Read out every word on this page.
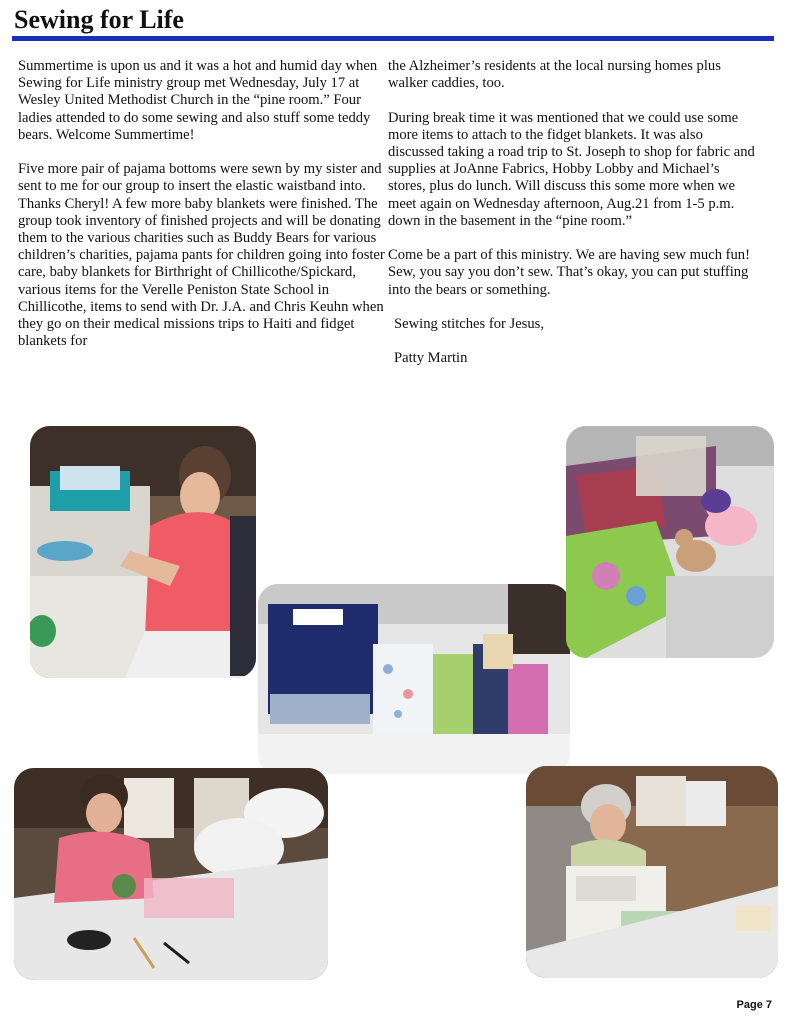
Sewing for Life

Summertime is upon us and it was a hot and humid day when Sewing for Life ministry group met Wednesday, July 17 at Wesley United Methodist Church in the “pine room.” Four ladies attended to do some sewing and also stuff some teddy bears. Welcome Summertime!

Five more pair of pajama bottoms were sewn by my sister and sent to me for our group to insert the elastic waistband into. Thanks Cheryl! A few more baby blankets were finished. The group took inventory of finished projects and will be donating them to the various charities such as Buddy Bears for various children’s charities, pajama pants for children going into foster care, baby blankets for Birthright of Chillicothe/Spickard, various items for the Verelle Peniston State School in Chillicothe, items to send with Dr. J.A. and Chris Keuhn when they go on their medical missions trips to Haiti and fidget blankets for

the Alzheimer’s residents at the local nursing homes plus walker caddies, too.

During break time it was mentioned that we could use some more items to attach to the fidget blankets. It was also discussed taking a road trip to St. Joseph to shop for fabric and supplies at JoAnne Fabrics, Hobby Lobby and Michael’s stores, plus do lunch. Will discuss this some more when we meet again on Wednesday afternoon, Aug.21 from 1-5 p.m. down in the basement in the “pine room.”

Come be a part of this ministry. We are having sew much fun! Sew, you say you don’t sew. That’s okay, you can put stuffing into the bears or something.

Sewing stitches for Jesus,

Patty Martin

Page 7
